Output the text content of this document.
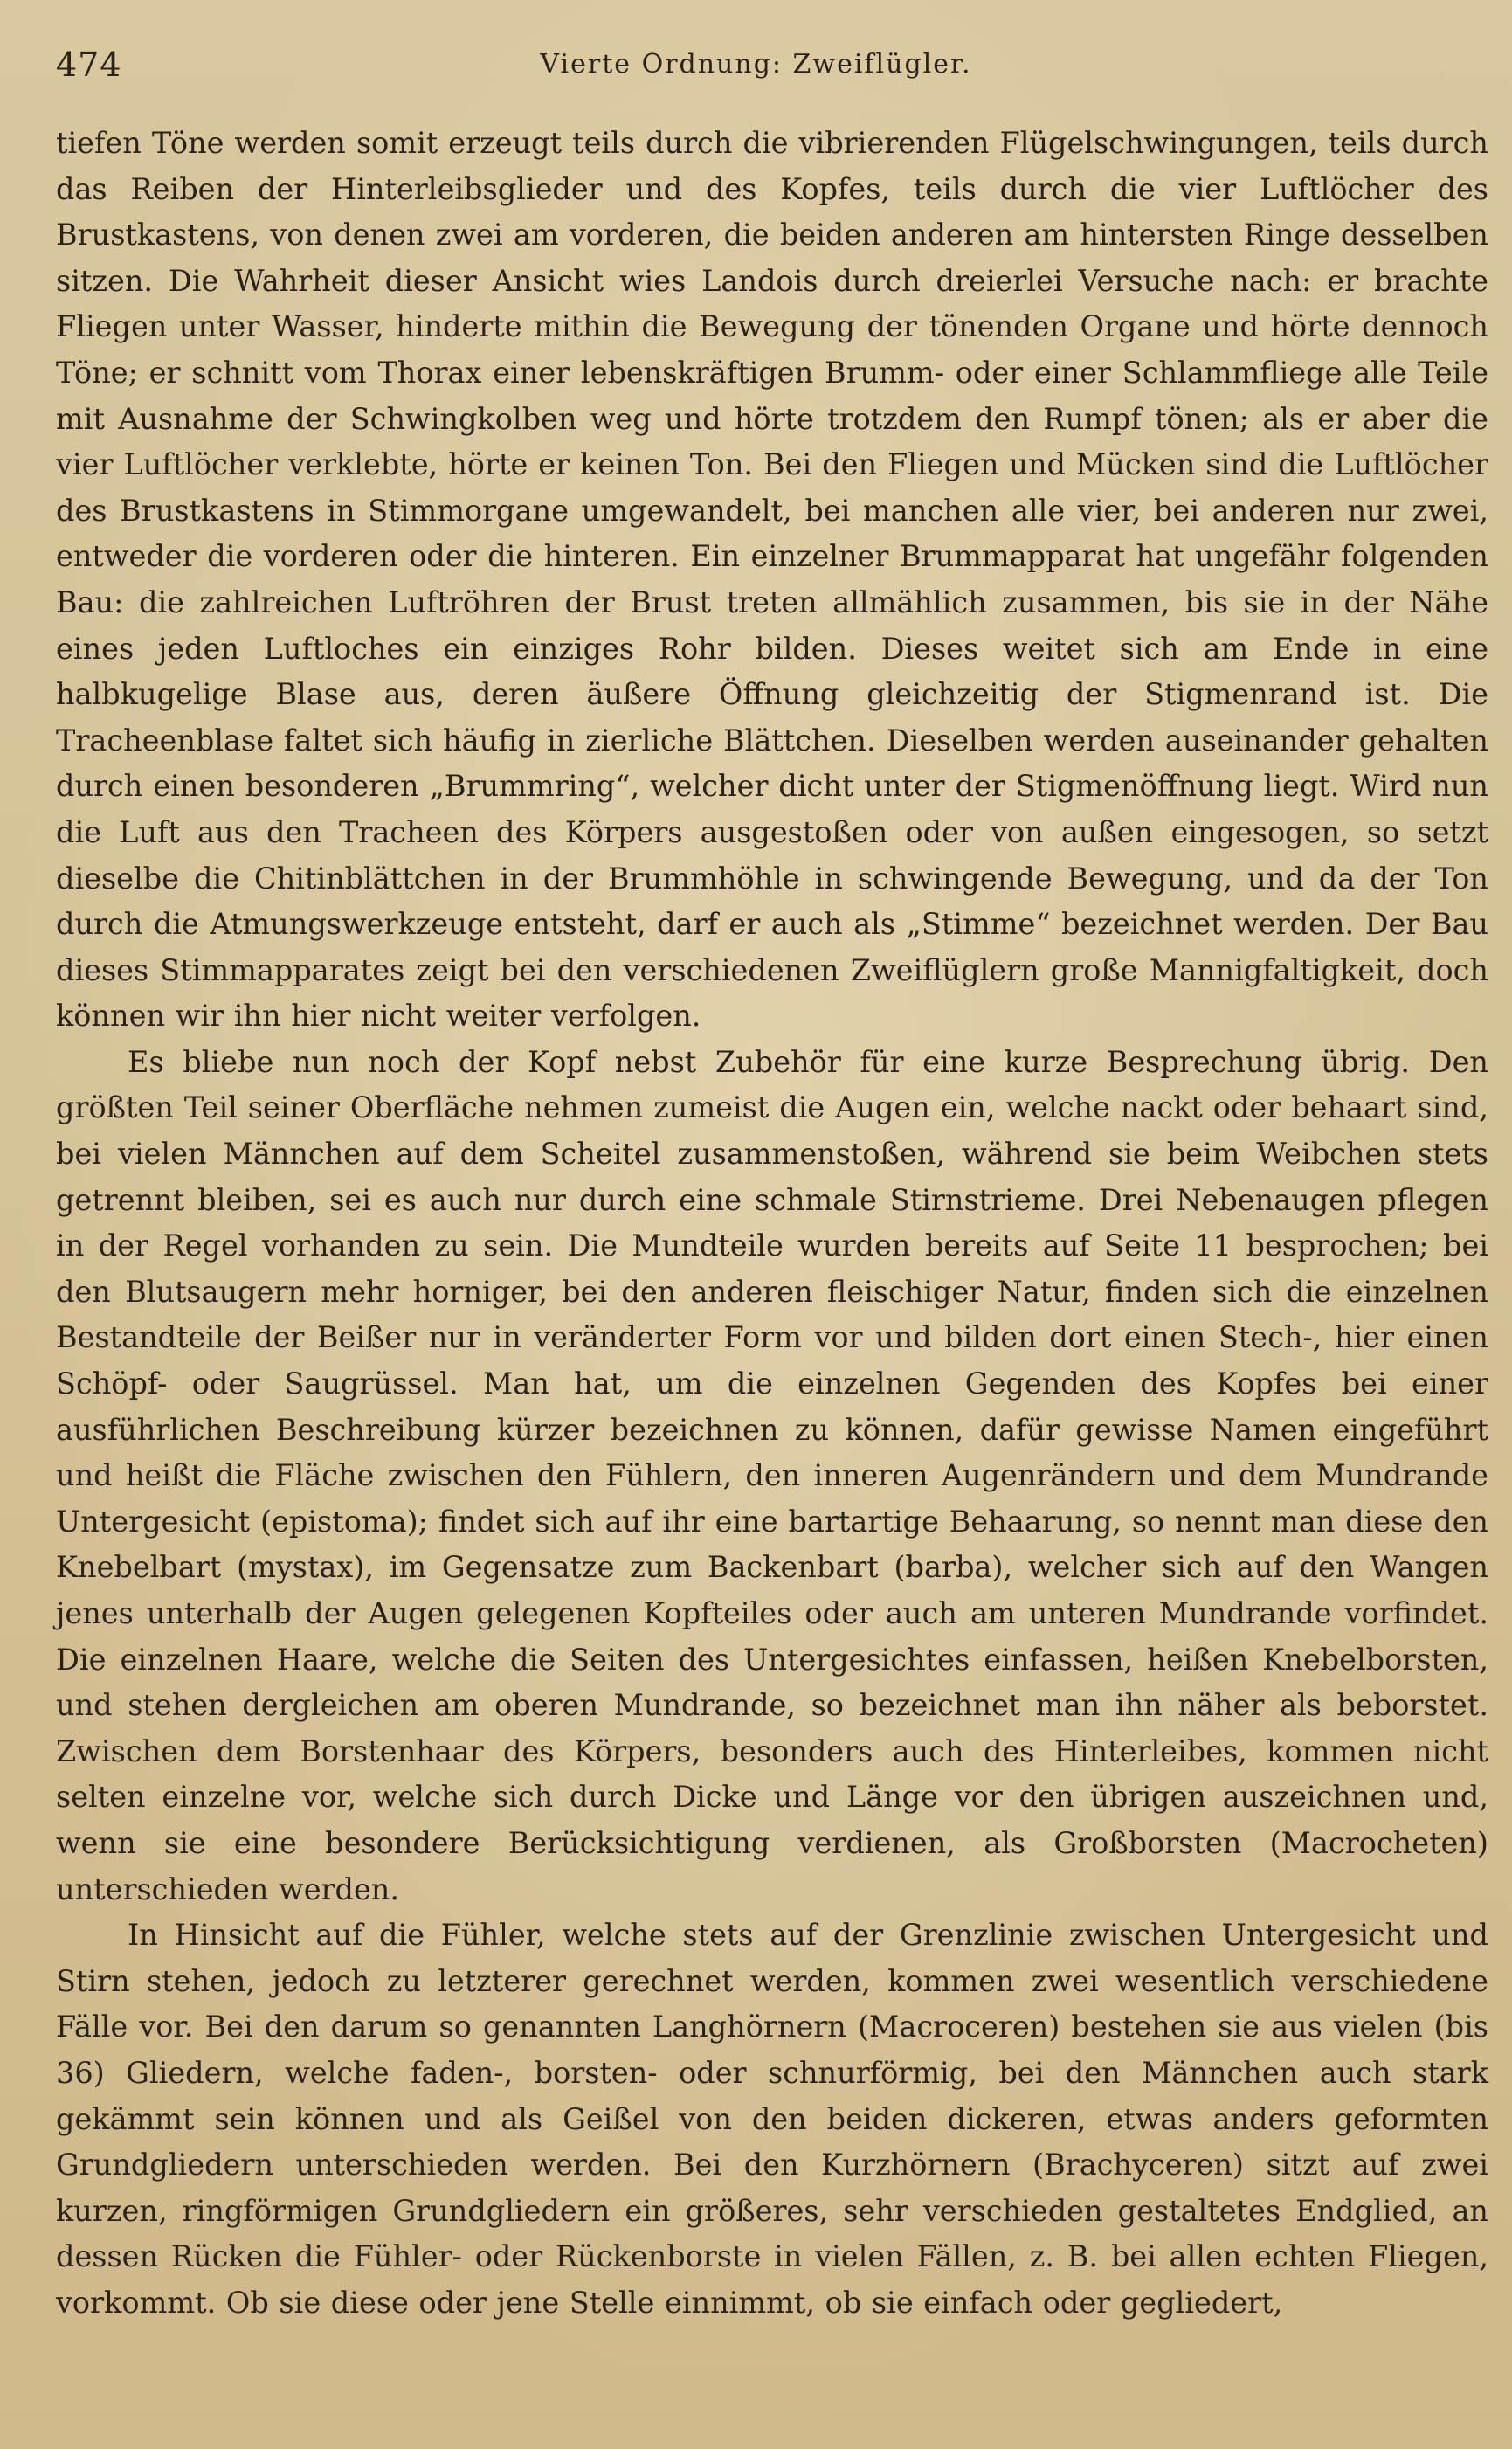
474	Vierte Ordnung: Zweiflügler.

tiefen Töne werden somit erzeugt teils durch die vibrierenden Flügelschwingungen, teils durch das Reiben der Hinterleibsglieder und des Kopfes, teils durch die vier Luftlöcher des Brustkastens, von denen zwei am vorderen, die beiden anderen am hintersten Ringe desselben sitzen. Die Wahrheit dieser Ansicht wies Landois durch dreierlei Versuche nach: er brachte Fliegen unter Wasser, hinderte mithin die Bewegung der tönenden Organe und hörte dennoch Töne; er schnitt vom Thorax einer lebenskräftigen Brumm- oder einer Schlammfliege alle Teile mit Ausnahme der Schwingkolben weg und hörte trotzdem den Rumpf tönen; als er aber die vier Luftlöcher verklebte, hörte er keinen Ton. Bei den Fliegen und Mücken sind die Luftlöcher des Brustkastens in Stimmorgane umgewandelt, bei manchen alle vier, bei anderen nur zwei, entweder die vorderen oder die hinteren. Ein einzelner Brummapparat hat ungefähr folgenden Bau: die zahlreichen Luftröhren der Brust treten allmählich zusammen, bis sie in der Nähe eines jeden Luftloches ein einziges Rohr bilden. Dieses weitet sich am Ende in eine halbkugelige Blase aus, deren äußere Öffnung gleichzeitig der Stigmenrand ist. Die Tracheenblase faltet sich häufig in zierliche Blättchen. Dieselben werden auseinander gehalten durch einen besonderen „Brummring“, welcher dicht unter der Stigmenöffnung liegt. Wird nun die Luft aus den Tracheen des Körpers ausgestoßen oder von außen eingesogen, so setzt dieselbe die Chitinblättchen in der Brummhöhle in schwingende Bewegung, und da der Ton durch die Atmungswerkzeuge entsteht, darf er auch als „Stimme“ bezeichnet werden. Der Bau dieses Stimmapparates zeigt bei den verschiedenen Zweiflüglern große Mannigfaltigkeit, doch können wir ihn hier nicht weiter verfolgen.

Es bliebe nun noch der Kopf nebst Zubehör für eine kurze Besprechung übrig. Den größten Teil seiner Oberfläche nehmen zumeist die Augen ein, welche nackt oder behaart sind, bei vielen Männchen auf dem Scheitel zusammenstoßen, während sie beim Weibchen stets getrennt bleiben, sei es auch nur durch eine schmale Stirnstrieme. Drei Nebenaugen pflegen in der Regel vorhanden zu sein. Die Mundteile wurden bereits auf Seite 11 besprochen; bei den Blutsaugern mehr horniger, bei den anderen fleischiger Natur, finden sich die einzelnen Bestandteile der Beißer nur in veränderter Form vor und bilden dort einen Stech-, hier einen Schöpf- oder Saugrüssel. Man hat, um die einzelnen Gegenden des Kopfes bei einer ausführlichen Beschreibung kürzer bezeichnen zu können, dafür gewisse Namen eingeführt und heißt die Fläche zwischen den Fühlern, den inneren Augenrändern und dem Mundrande Untergesicht (epistoma); findet sich auf ihr eine bartartige Behaarung, so nennt man diese den Knebelbart (mystax), im Gegensatze zum Backenbart (barba), welcher sich auf den Wangen jenes unterhalb der Augen gelegenen Kopfteiles oder auch am unteren Mundrande vorfindet. Die einzelnen Haare, welche die Seiten des Untergesichtes einfassen, heißen Knebelborsten, und stehen dergleichen am oberen Mundrande, so bezeichnet man ihn näher als beborstet. Zwischen dem Borstenhaar des Körpers, besonders auch des Hinterleibes, kommen nicht selten einzelne vor, welche sich durch Dicke und Länge vor den übrigen auszeichnen und, wenn sie eine besondere Berücksichtigung verdienen, als Großborsten (Macrocheten) unterschieden werden.

In Hinsicht auf die Fühler, welche stets auf der Grenzlinie zwischen Untergesicht und Stirn stehen, jedoch zu letzterer gerechnet werden, kommen zwei wesentlich verschiedene Fälle vor. Bei den darum so genannten Langhörnern (Macroceren) bestehen sie aus vielen (bis 36) Gliedern, welche faden-, borsten- oder schnurförmig, bei den Männchen auch stark gekämmt sein können und als Geißel von den beiden dickeren, etwas anders geformten Grundgliedern unterschieden werden. Bei den Kurzhörnern (Brachyceren) sitzt auf zwei kurzen, ringförmigen Grundgliedern ein größeres, sehr verschieden gestaltetes Endglied, an dessen Rücken die Fühler- oder Rückenborste in vielen Fällen, z. B. bei allen echten Fliegen, vorkommt. Ob sie diese oder jene Stelle einnimmt, ob sie einfach oder gegliedert,
